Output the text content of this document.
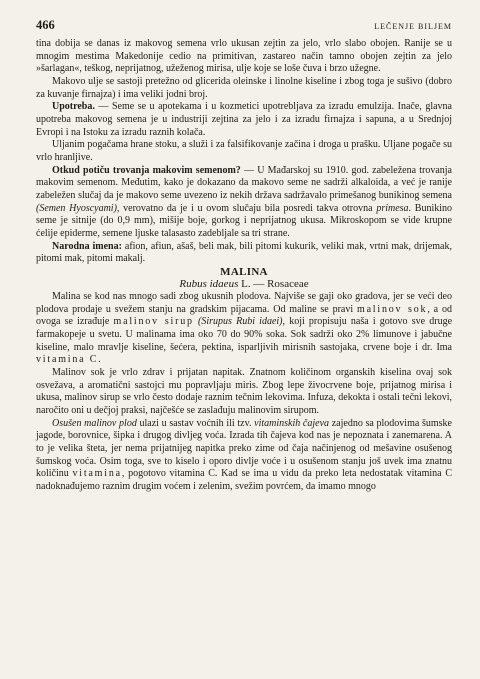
466	LEČENJE BILJEM

tina dobija se danas iz makovog semena vrlo ukusan zejtin za jelo, vrlo slabo obojen. Ranije se u mnogim mestima Makedonije cedio na primitivan, zastareo način tamno obojen zejtin za jelo »šarlagan«, teškog, neprijatnog, užeženog mirisa, ulje koje se loše čuva i brzo užegne.

Makovo ulje se sastoji pretežno od glicerida oleinske i linolne kiseline i zbog toga je sušivo (dobro za kuvanje firnajza) i ima veliki jodni broj.

Upotreba. — Seme se u apotekama i u kozmetici upotrebljava za izradu emulzija. Inače, glavna upotreba makovog semena je u industriji zejtina za jelo i za izradu firnajza i sapuna, a u Srednjoj Evropi i na Istoku za izradu raznih kolača.

Uljanim pogačama hrane stoku, a služi i za falsifikovanje začina i droga u prašku. Uljane pogače su vrlo hranljive.

Otkud potiču trovanja makovim semenom? — U Mađarskoj su 1910. god. zabeležena trovanja makovim semenom. Međutim, kako je dokazano da makovo seme ne sadrži alkaloida, a već je ranije zabeležen slučaj da je makovo seme uvezeno iz nekih država sadržavalo primešanog bunikinog semena (Semen Hyoscyami), verovatno da je i u ovom slučaju bila posredi takva otrovna primesa. Bunikino seme je sitnije (do 0,9 mm), mišije boje, gorkog i neprijatnog ukusa. Mikroskopom se vide krupne ćelije epiderme, semene ljuske talasasto zadebljale sa tri strane.

Narodna imena: afion, afiun, ašaš, beli mak, bili pitomi kukurik, veliki mak, vrtni mak, drijemak, pitomi mak, pitomi makalj.

MALINA

Rubus idaeus L. — Rosaceae

Malina se kod nas mnogo sadi zbog ukusnih plodova. Najviše se gaji oko gradova, jer se veći deo plodova prodaje u svežem stanju na gradskim pijacama. Od maline se pravi malinov sok, a od ovoga se izrađuje malinov sirup (Sirupus Rubi idaei), koji propisuju naša i gotovo sve druge farmakopeje u svetu. U malinama ima oko 70 do 90% soka. Sok sadrži oko 2% limunove i jabučne kiseline, malo mravlje kiseline, šećera, pektina, isparljivih mirisnih sastojaka, crvene boje i dr. Ima vitamina C.

Malinov sok je vrlo zdrav i prijatan napitak. Znatnom količinom organskih kiselina ovaj sok osvežava, a aromatični sastojci mu popravljaju miris. Zbog lepe živocrvene boje, prijatnog mirisa i ukusa, malinov sirup se vrlo često dodaje raznim tečnim lekovima. Infuza, dekokta i ostali tečni lekovi, naročito oni u dečjoj praksi, najčešće se zaslađuju malinovim sirupom.

Osušen malinov plod ulazi u sastav voćnih ili tzv. vitaminskih čajeva zajedno sa plodovima šumske jagode, borovnice, šipka i drugog divljeg voća. Izrada tih čajeva kod nas je nepoznata i zanemarena. A to je velika šteta, jer nema prijatnijeg napitka preko zime od čaja načinjenog od mešavine osušenog šumskog voća. Osim toga, sve to kiselo i oporo divlje voće i u osušenom stanju još uvek ima znatnu količinu vitamina, pogotovo vitamina C. Kad se ima u vidu da preko leta nedostatak vitamina C nadoknađujemo raznim drugim voćem i zelenim, svežim povrćem, da imamo mnogo
